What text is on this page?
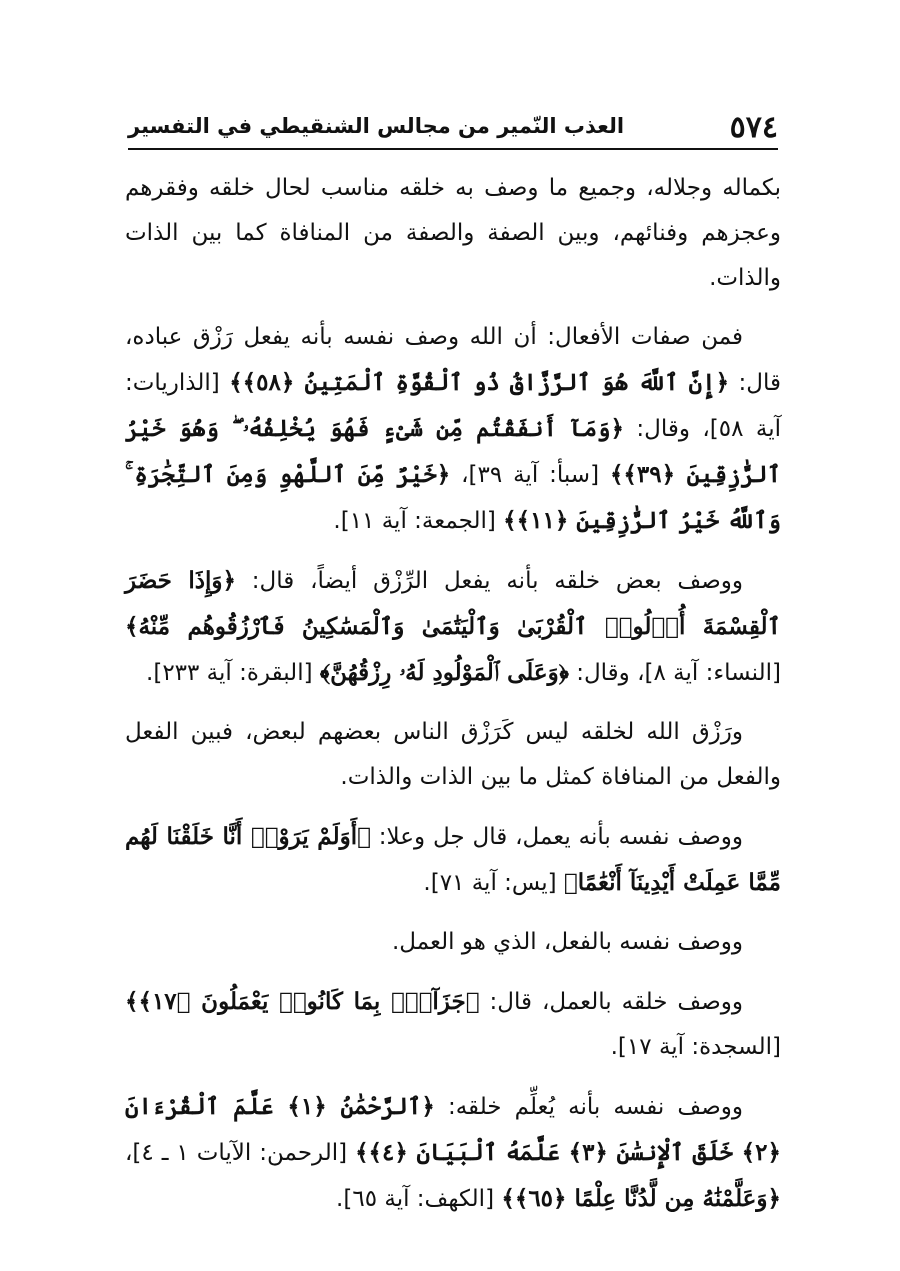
٥٧٤
العذب النّمير من مجالس الشنقيطي في التفسير

بكماله وجلاله، وجميع ما وصف به خلقه مناسب لحال خلقه وفقرهم وعجزهم وفنائهم، وبين الصفة والصفة من المنافاة كما بين الذات والذات.

فمن صفات الأفعال: أن الله وصف نفسه بأنه يفعل رَزْق عباده، قال: ﴿إِنَّ ٱللَّهَ هُوَ ٱلرَّزَّاقُ ذُو ٱلْقُوَّةِ ٱلْمَتِينُ ﴿٥٨﴾﴾ [الذاريات: آية ٥٨]، وقال: ﴿وَمَآ أَنفَقْتُم مِّن شَىْءٍ فَهُوَ يُخْلِفُهُۥ ۖ وَهُوَ خَيْرُ ٱلرَّٰزِقِينَ ﴿٣٩﴾﴾ [سبأ: آية ٣٩]، ﴿خَيْرٌ مِّنَ ٱللَّهْوِ وَمِنَ ٱلتِّجَٰرَةِ ۚ وَٱللَّهُ خَيْرُ ٱلرَّٰزِقِينَ ﴿١١﴾﴾ [الجمعة: آية ١١].

ووصف بعض خلقه بأنه يفعل الرِّزْق أيضاً، قال: ﴿وَإِذَا حَضَرَ ٱلْقِسْمَةَ أُو۟لُوا۟ ٱلْقُرْبَىٰ وَٱلْيَتَٰمَىٰ وَٱلْمَسَٰكِينُ فَٱرْزُقُوهُم مِّنْهُ﴾ [النساء: آية ٨]، وقال: ﴿وَعَلَى ٱلْمَوْلُودِ لَهُۥ رِزْقُهُنَّ﴾ [البقرة: آية ٢٣٣].

ورَزْق الله لخلقه ليس كَرَزْق الناس بعضهم لبعض، فبين الفعل والفعل من المنافاة كمثل ما بين الذات والذات.

ووصف نفسه بأنه يعمل، قال جل وعلا: ﴿أَوَلَمْ يَرَوْا۟ أَنَّا خَلَقْنَا لَهُم مِّمَّا عَمِلَتْ أَيْدِينَآ أَنْعَٰمًا﴾ [يس: آية ٧١].

ووصف نفسه بالفعل، الذي هو العمل.

ووصف خلقه بالعمل، قال: ﴿جَزَآءًۢ بِمَا كَانُوا۟ يَعْمَلُونَ ﴿١٧﴾﴾ [السجدة: آية ١٧].

ووصف نفسه بأنه يُعلِّم خلقه: ﴿ٱلرَّحْمَٰنُ ﴿١﴾ عَلَّمَ ٱلْقُرْءَانَ ﴿٢﴾ خَلَقَ ٱلْإِنسَٰنَ ﴿٣﴾ عَلَّمَهُ ٱلْبَيَانَ ﴿٤﴾﴾ [الرحمن: الآيات ١ ـ ٤]، ﴿وَعَلَّمْنَٰهُ مِن لَّدُنَّا عِلْمًا ﴿٦٥﴾﴾ [الكهف: آية ٦٥].
